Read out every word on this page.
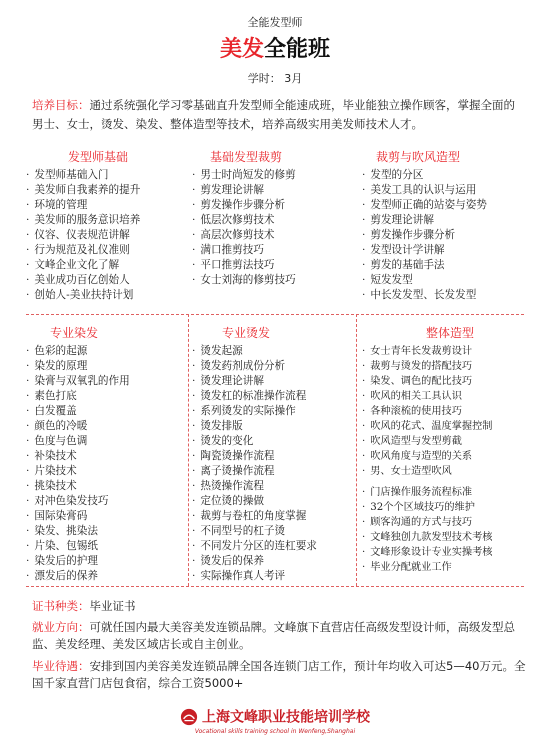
全能发型师
美发全能班
学时： 3月
培养目标：通过系统强化学习零基础直升发型师全能速成班，毕业能独立操作顾客，掌握全面的男士、女士，烫发、染发、整体造型等技术，培养高级实用美发师技术人才。
发型师基础	基础发型裁剪	裁剪与吹风造型
· 发型师基础入门
· 美发师自我素养的提升
· 环境的管理
· 美发师的服务意识培养
· 仪容、仪表规范讲解
· 行为规范及礼仪准则
· 文峰企业文化了解
· 美业成功百亿创始人
· 创始人-美业扶持计划
· 男士时尚短发的修剪
· 剪发理论讲解
· 剪发操作步骤分析
· 低层次修剪技术
· 高层次修剪技术
· 满口推剪技巧
· 平口推剪法技巧
· 女士刘海的修剪技巧
· 发型的分区
· 美发工具的认识与运用
· 发型师正确的站姿与姿势
· 剪发理论讲解
· 剪发操作步骤分析
· 发型设计学讲解
· 剪发的基础手法
· 短发发型
· 中长发发型、长发发型
专业染发	专业烫发	整体造型
· 色彩的起源
· 染发的原理
· 染膏与双氧乳的作用
· 素色打底
· 白发覆盖
· 颜色的冷暖
· 色度与色调
· 补染技术
· 片染技术
· 挑染技术
· 对冲色染发技巧
· 国际染膏码
· 染发、挑染法
· 片染、包锡纸
· 染发后的护理
· 漂发后的保养
· 烫发起源
· 烫发药剂成份分析
· 烫发理论讲解
· 烫发杠的标准操作流程
· 系列烫发的实际操作
· 烫发排版
· 烫发的变化
· 陶瓷烫操作流程
· 离子烫操作流程
· 热烫操作流程
· 定位烫的操做
· 裁剪与卷杠的角度掌握
· 不同型号的杠子烫
· 不同发片分区的连杠要求
· 烫发后的保养
· 实际操作真人考评
· 女士青年长发裁剪设计
· 裁剪与烫发的搭配技巧
· 染发、调色的配比技巧
· 吹风的相关工具认识
· 各种滚梳的使用技巧
· 吹风的花式、温度掌握控制
· 吹风造型与发型剪截
· 吹风角度与造型的关系
· 男、女士造型吹风
· 门店操作服务流程标准
· 32个个区域技巧的维护
· 顾客沟通的方式与技巧
· 文峰独创九款发型技术考核
· 文峰形象设计专业实操考核
· 毕业分配就业工作
证书种类：毕业证书
就业方向：可就任国内最大美容美发连锁品牌。文峰旗下直营店任高级发型设计师，高级发型总监、美发经理、美发区域店长或自主创业。
毕业待遇：安排到国内美容美发连锁品牌全国各连锁门店工作，预计年均收入可达5—40万元。全国千家直营门店包食宿，综合工资5000+
上海文峰职业技能培训学校
Vocational skills training school in Wenfeng,Shanghai
